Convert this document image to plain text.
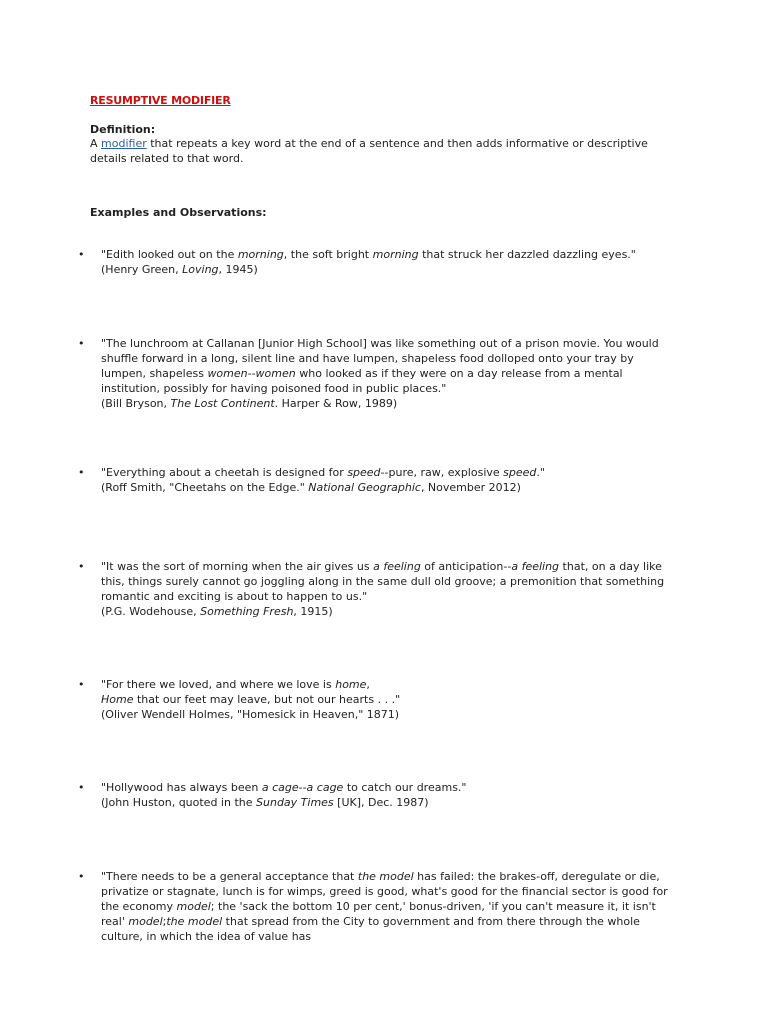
RESUMPTIVE MODIFIER

Definition:
A modifier that repeats a key word at the end of a sentence and then adds informative or descriptive details related to that word.
Examples and Observations:
• "Edith looked out on the morning, the soft bright morning that struck her dazzled dazzling eyes."
(Henry Green, Loving, 1945)
• "The lunchroom at Callanan [Junior High School] was like something out of a prison movie. You would shuffle forward in a long, silent line and have lumpen, shapeless food dolloped onto your tray by lumpen, shapeless women--women who looked as if they were on a day release from a mental institution, possibly for having poisoned food in public places."
(Bill Bryson, The Lost Continent. Harper & Row, 1989)
• "Everything about a cheetah is designed for speed--pure, raw, explosive speed."
(Roff Smith, "Cheetahs on the Edge." National Geographic, November 2012)
• "It was the sort of morning when the air gives us a feeling of anticipation--a feeling that, on a day like this, things surely cannot go joggling along in the same dull old groove; a premonition that something romantic and exciting is about to happen to us."
(P.G. Wodehouse, Something Fresh, 1915)
• "For there we loved, and where we love is home,
Home that our feet may leave, but not our hearts . . ."
(Oliver Wendell Holmes, "Homesick in Heaven," 1871)
• "Hollywood has always been a cage--a cage to catch our dreams."
(John Huston, quoted in the Sunday Times [UK], Dec. 1987)
• "There needs to be a general acceptance that the model has failed: the brakes-off, deregulate or die, privatize or stagnate, lunch is for wimps, greed is good, what's good for the financial sector is good for the economy model; the 'sack the bottom 10 per cent,' bonus-driven, 'if you can't measure it, it isn't real' model;the model that spread from the City to government and from there through the whole culture, in which the idea of value has
